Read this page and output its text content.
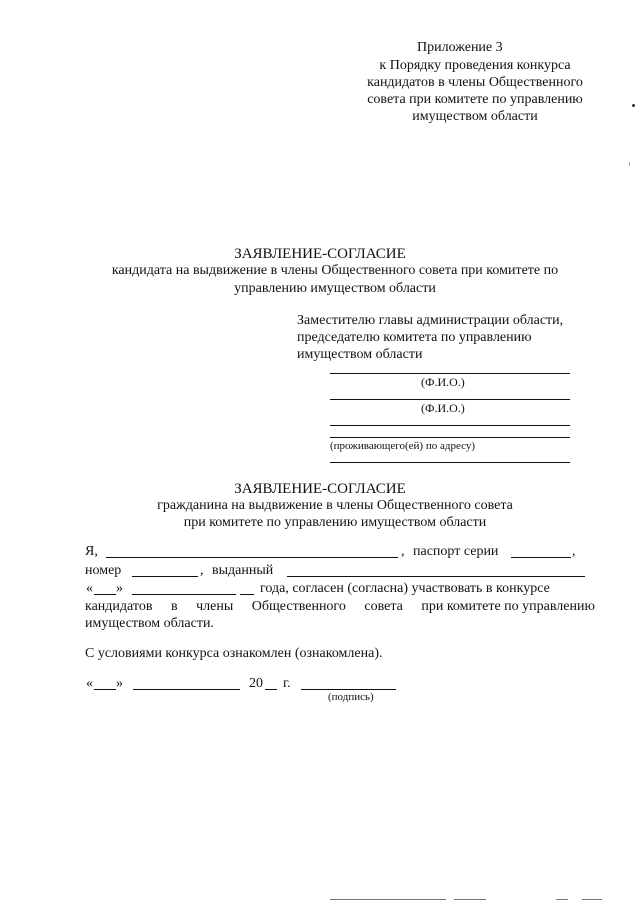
Приложение 3
к Порядку проведения конкурса
кандидатов в члены Общественного
совета при комитете по управлению
имуществом области
ЗАЯВЛЕНИЕ-СОГЛАСИЕ
кандидата на выдвижение в члены Общественного совета при комитете по
управлению имуществом области
Заместителю главы администрации области,
председателю комитета по управлению
имуществом области
(Ф.И.О.)
(Ф.И.О.)
(проживающего(ей) по адресу)
ЗАЯВЛЕНИЕ-СОГЛАСИЕ
гражданина на выдвижение в члены Общественного совета
при комитете по управлению имуществом области
Я,	, паспорт серии	,
номер	, выданный
« »	года, согласен (согласна) участвовать в конкурсе
кандидатов в члены Общественного совета при комитете по управлению
имуществом области.
С условиями конкурса ознакомлен (ознакомлена).
« »	20 г.
(подпись)
